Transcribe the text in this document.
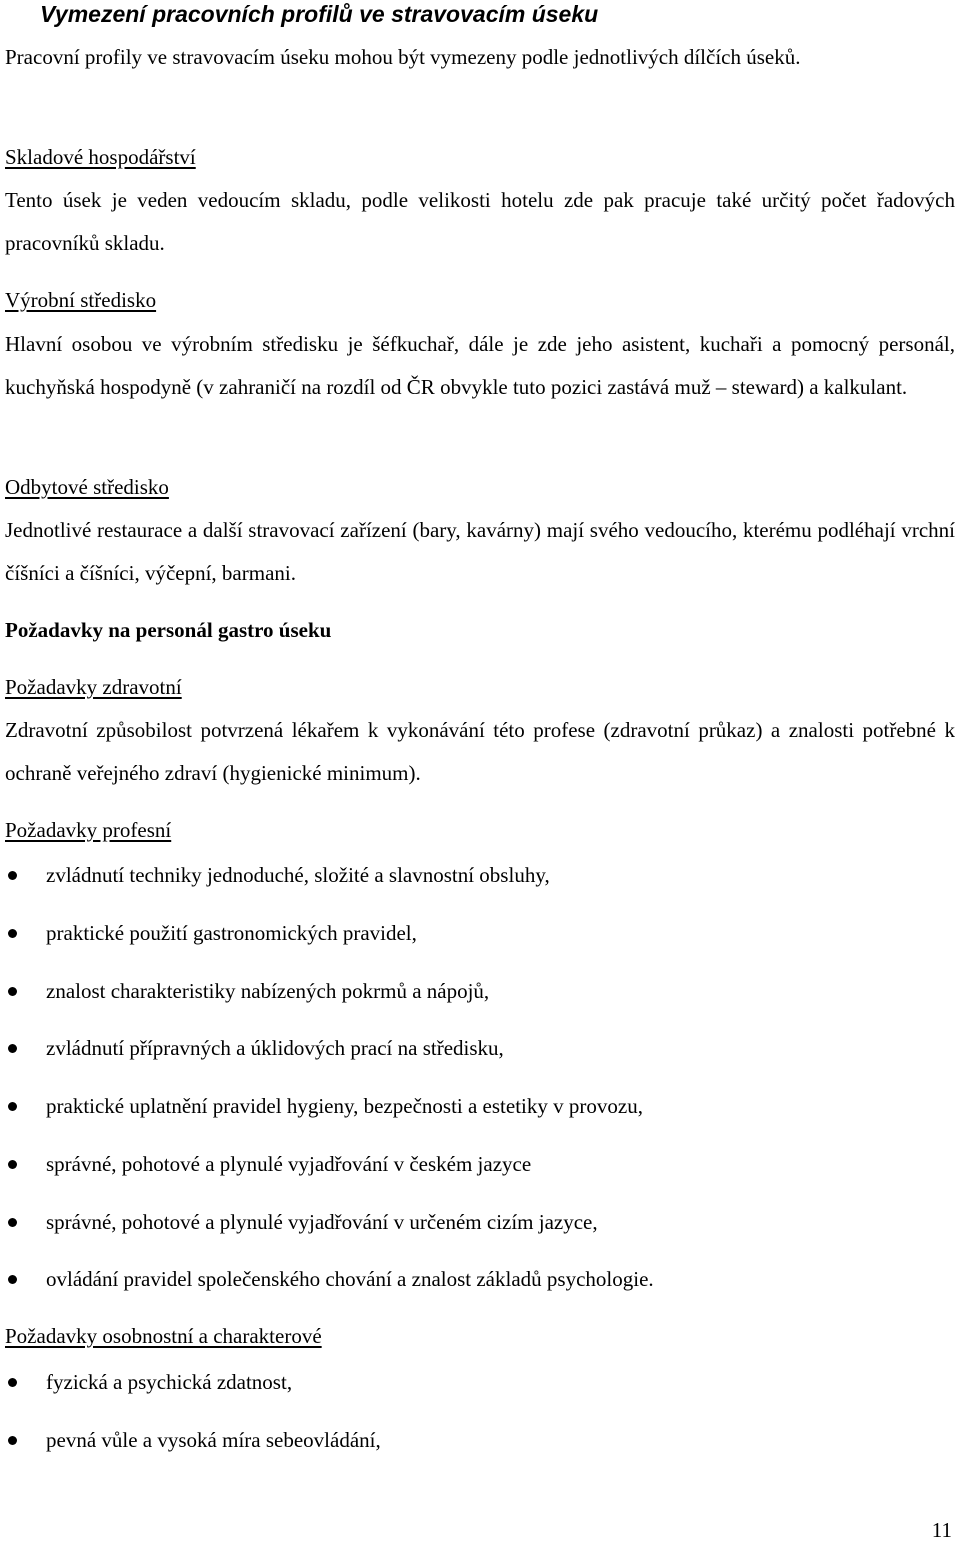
Vymezení pracovních profilů ve stravovacím úseku

Pracovní profily ve stravovacím úseku mohou být vymezeny podle jednotlivých dílčích úseků.

Skladové hospodářství

Tento úsek je veden vedoucím skladu, podle velikosti hotelu zde pak pracuje také určitý počet řadových pracovníků skladu.

Výrobní středisko

Hlavní osobou ve výrobním středisku je šéfkuchař, dále je zde jeho asistent, kuchaři a pomocný personál, kuchyňská hospodyně (v zahraničí na rozdíl od ČR obvykle tuto pozici zastává muž – steward) a kalkulant.

Odbytové středisko

Jednotlivé restaurace a další stravovací zařízení (bary, kavárny) mají svého vedoucího, kterému podléhají vrchní číšníci a číšníci, výčepní, barmani.

Požadavky na personál gastro úseku

Požadavky zdravotní

Zdravotní způsobilost potvrzená lékařem k vykonávání této profese (zdravotní průkaz) a znalosti potřebné k ochraně veřejného zdraví (hygienické minimum).

Požadavky profesní

zvládnutí techniky jednoduché, složité a slavnostní obsluhy,
praktické použití gastronomických pravidel,
znalost charakteristiky nabízených pokrmů a nápojů,
zvládnutí přípravných a úklidových prací na středisku,
praktické uplatnění pravidel hygieny, bezpečnosti a estetiky v provozu,
správné, pohotové a plynulé vyjadřování v českém jazyce
správné, pohotové a plynulé vyjadřování v určeném cizím jazyce,
ovládání pravidel společenského chování a znalost základů psychologie.

Požadavky osobnostní a charakterové

fyzická a psychická zdatnost,
pevná vůle a vysoká míra sebeovládání,
11
